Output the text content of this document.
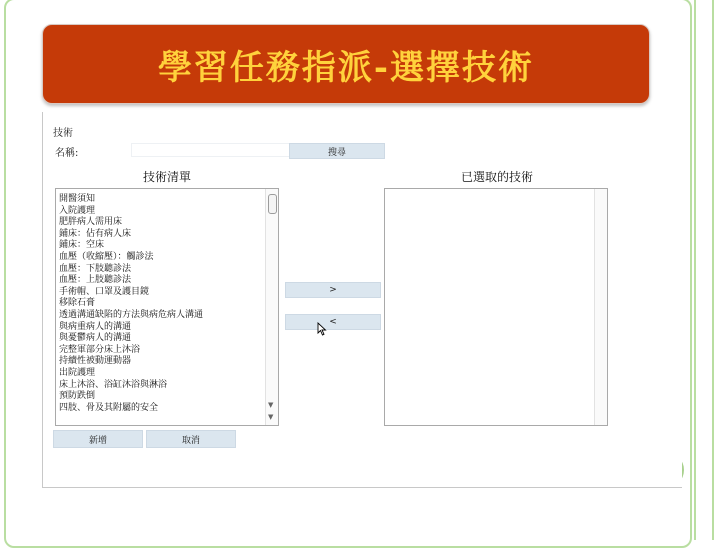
學習任務指派-選擇技術
技術
名稱:	搜尋
技術清單	已選取的技術
開醫須知
入院護理
肥胖病人需用床
鋪床：佔有病人床
鋪床：空床
血壓（收縮壓）：觸診法
血壓：下肢聽診法
血壓：上肢聽診法
手術帽、口罩及護目鏡
移除石膏
透過溝通缺陷的方法與病危病人溝通
與病重病人的溝通
與憂鬱病人的溝通
完整軍部分床上沐浴
持續性被動運動器
出院護理
床上沐浴、浴缸沐浴與淋浴
預防跌倒
四肢、骨及其附屬的安全	▼
▼
>
<
新增	取消
